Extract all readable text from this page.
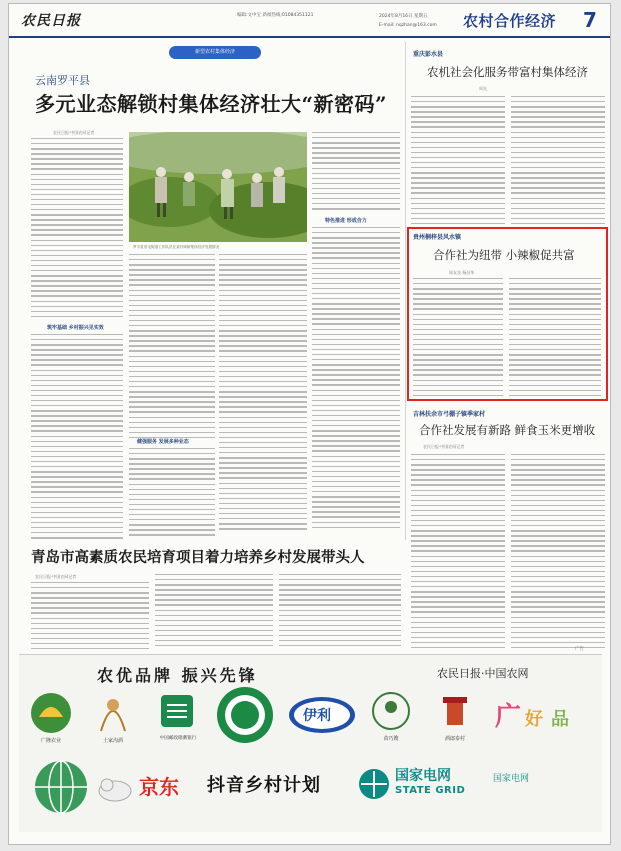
农民日报	编辑:文中宝 新闻热线:01084351121	2024年8月16日 星期五
E-mail: nqzhan@163.com 农村合作经济 7
新型农村集体经济
云南罗平县
多元业态解锁村集体经济壮大“新密码”
农民日报·中国农网记者
筑牢基础 乡村振兴见实效
罗平县旧屯街道工作队员在某村调研集体经济发展情况
健强服务 发展多种业态
特色推进 形成合力
重庆彭水县
农机社会化服务带富村集体经济
周先
贵州桐梓县风水镇
合作社为纽带 小辣椒促共富
周友良 杨昌华
吉林扶余市弓棚子镇季家村
合作社发展有新路 鲜食玉米更增收
农民日报·中国农网记者
青岛市高素质农民培育项目着力培养乡村发展带头人
农民日报·中国农网记者
广告
农优品牌 振兴先锋	农民日报·中国农网
广隆农业	土家沟酒	中国邮政储蓄银行
伊利
苗巧嫂	酒郎泰村
广 好 品
京东 抖音乡村计划	国家电网
STATE GRID
国家电网
